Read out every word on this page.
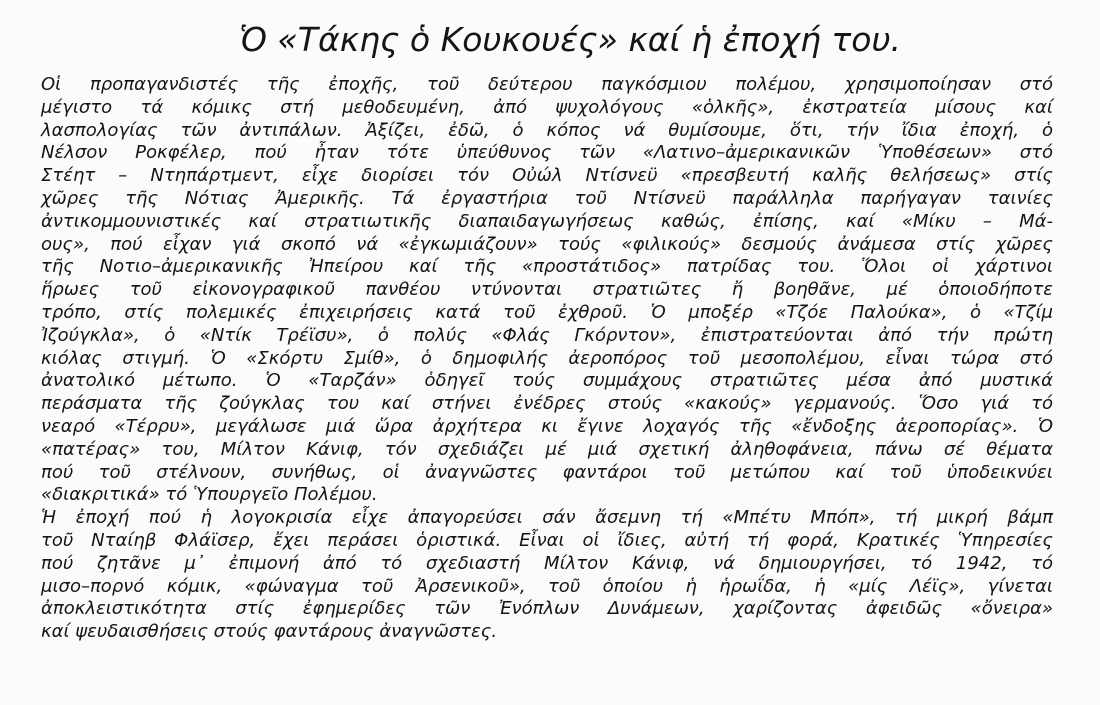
Ὁ «Τάκης ὁ Κουκουές» καί ἡ ἐποχή του.
Οἱ προπαγανδιστές τῆς ἐποχῆς, τοῦ δεύτερου παγκόσμιου πολέμου, χρησιμοποίησαν στό
μέγιστο τά κόμικς στή μεθοδευμένη, ἀπό ψυχολόγους «ὁλκῆς», ἐκστρατεία μίσους καί
λασπολογίας τῶν ἀντιπάλων. Ἀξίζει, ἐδῶ, ὁ κόπος νά θυμίσουμε, ὅτι, τήν ἴδια ἐποχή, ὁ
Νέλσον Ροκφέλερ, πού ἦταν τότε ὑπεύθυνος τῶν «Λατινο–ἀμερικανικῶν Ὑποθέσεων» στό
Στέητ – Ντηπάρτμεντ, εἶχε διορίσει τόν Οὐώλ Ντίσνεϋ «πρεσβευτή καλῆς θελήσεως» στίς
χῶρες τῆς Νότιας Ἀμερικῆς. Τά ἐργαστήρια τοῦ Ντίσνεϋ παράλληλα παρήγαγαν ταινίες
ἀντικομμουνιστικές καί στρατιωτικῆς διαπαιδαγωγήσεως καθώς, ἐπίσης, καί «Μίκυ – Μά-
ους», πού εἶχαν γιά σκοπό νά «ἐγκωμιάζουν» τούς «φιλικούς» δεσμούς ἀνάμεσα στίς χῶρες
τῆς Νοτιο–ἀμερικανικῆς Ἠπείρου καί τῆς «προστάτιδος» πατρίδας του. Ὅλοι οἱ χάρτινοι
ἥρωες τοῦ εἰκονογραφικοῦ πανθέου ντύνονται στρατιῶτες ἤ βοηθᾶνε, μέ ὁποιοδήποτε
τρόπο, στίς πολεμικές ἐπιχειρήσεις κατά τοῦ ἐχθροῦ. Ὁ μποξέρ «Τζόε Παλούκα», ὁ «Τζίμ
Ἰζούγκλα», ὁ «Ντίκ Τρέϊσυ», ὁ πολύς «Φλάς Γκόρντον», ἐπιστρατεύονται ἀπό τήν πρώτη
κιόλας στιγμή. Ὁ «Σκόρτυ Σμίθ», ὁ δημοφιλής ἀεροπόρος τοῦ μεσοπολέμου, εἶναι τώρα στό
ἀνατολικό μέτωπο. Ὁ «Ταρζάν» ὁδηγεῖ τούς συμμάχους στρατιῶτες μέσα ἀπό μυστικά
περάσματα τῆς ζούγκλας του καί στήνει ἐνέδρες στούς «κακούς» γερμανούς. Ὅσο γιά τό
νεαρό «Τέρρυ», μεγάλωσε μιά ὥρα ἀρχήτερα κι ἔγινε λοχαγός τῆς «ἔνδοξης ἀεροπορίας». Ὁ
«πατέρας» του, Μίλτον Κάνιφ, τόν σχεδιάζει μέ μιά σχετική ἀληθοφάνεια, πάνω σέ θέματα
πού τοῦ στέλνουν, συνήθως, οἱ ἀναγνῶστες φαντάροι τοῦ μετώπου καί τοῦ ὑποδεικνύει
«διακριτικά» τό Ὑπουργεῖο Πολέμου.
Ἡ ἐποχή πού ἡ λογοκρισία εἶχε ἀπαγορεύσει σάν ἄσεμνη τή «Μπέτυ Μπόπ», τή μικρή βάμπ
τοῦ Νταίηβ Φλάϊσερ, ἔχει περάσει ὁριστικά. Εἶναι οἱ ἴδιες, αὐτή τή φορά, Κρατικές Ὑπηρεσίες
πού ζητᾶνε μ᾽ ἐπιμονή ἀπό τό σχεδιαστή Μίλτον Κάνιφ, νά δημιουργήσει, τό 1942, τό
μισο–πορνό κόμικ, «φώναγμα τοῦ Ἀρσενικοῦ», τοῦ ὁποίου ἡ ἡρωΐδα, ἡ «μίς Λέϊς», γίνεται
ἀποκλειστικότητα στίς ἐφημερίδες τῶν Ἐνόπλων Δυνάμεων, χαρίζοντας ἀφειδῶς «ὄνειρα»
καί ψευδαισθήσεις στούς φαντάρους ἀναγνῶστες.
